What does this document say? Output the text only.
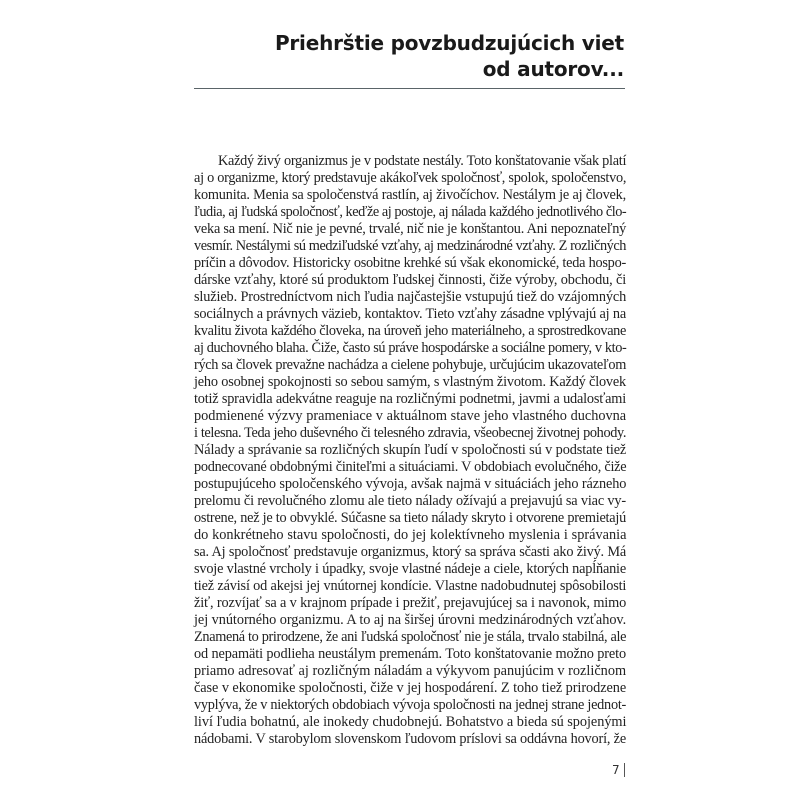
Priehrštie povzbudzujúcich viet
od autorov...
Každý živý organizmus je v podstate nestály. Toto konštatovanie však platí
aj o organizme, ktorý predstavuje akákoľvek spoločnosť, spolok, spoločenstvo,
komunita. Menia sa spoločenstvá rastlín, aj živočíchov. Nestálym je aj človek,
ľudia, aj ľudská spoločnosť, keďže aj postoje, aj nálada každého jednotlivého člo-
veka sa mení. Nič nie je pevné, trvalé, nič nie je konštantou. Ani nepoznateľný
vesmír. Nestálymi sú medziľudské vzťahy, aj medzinárodné vzťahy. Z rozličných
príčin a dôvodov. Historicky osobitne krehké sú však ekonomické, teda hospo-
dárske vzťahy, ktoré sú produktom ľudskej činnosti, čiže výroby, obchodu, či
služieb. Prostredníctvom nich ľudia najčastejšie vstupujú tiež do vzájomných
sociálnych a právnych väzieb, kontaktov. Tieto vzťahy zásadne vplývajú aj na
kvalitu života každého človeka, na úroveň jeho materiálneho, a sprostredkovane
aj duchovného blaha. Čiže, často sú práve hospodárske a sociálne pomery, v kto-
rých sa človek prevažne nachádza a cielene pohybuje, určujúcim ukazovateľom
jeho osobnej spokojnosti so sebou samým, s vlastným životom. Každý človek
totiž spravidla adekvátne reaguje na rozličnými podnetmi, javmi a udalosťami
podmienené výzvy prameniace v aktuálnom stave jeho vlastného duchovna
i telesna. Teda jeho duševného či telesného zdravia, všeobecnej životnej pohody.
Nálady a správanie sa rozličných skupín ľudí v spoločnosti sú v podstate tiež
podnecované obdobnými činiteľmi a situáciami. V obdobiach evolučného, čiže
postupujúceho spoločenského vývoja, avšak najmä v situáciách jeho rázneho
prelomu či revolučného zlomu ale tieto nálady ožívajú a prejavujú sa viac vy-
ostrene, než je to obvyklé. Súčasne sa tieto nálady skryto i otvorene premietajú
do konkrétneho stavu spoločnosti, do jej kolektívneho myslenia i správania
sa. Aj spoločnosť predstavuje organizmus, ktorý sa správa sčasti ako živý. Má
svoje vlastné vrcholy i úpadky, svoje vlastné nádeje a ciele, ktorých napĺňanie
tiež závisí od akejsi jej vnútornej kondície. Vlastne nadobudnutej spôsobilosti
žiť, rozvíjať sa a v krajnom prípade i prežiť, prejavujúcej sa i navonok, mimo
jej vnútorného organizmu. A to aj na širšej úrovni medzinárodných vzťahov.
Znamená to prirodzene, že ani ľudská spoločnosť nie je stála, trvalo stabilná, ale
od nepamäti podlieha neustálym premenám. Toto konštatovanie možno preto
priamo adresovať aj rozličným náladám a výkyvom panujúcim v rozličnom
čase v ekonomike spoločnosti, čiže v jej hospodárení. Z toho tiež prirodzene
vyplýva, že v niektorých obdobiach vývoja spoločnosti na jednej strane jednot-
liví ľudia bohatnú, ale inokedy chudobnejú. Bohatstvo a bieda sú spojenými
nádobami. V starobylom slovenskom ľudovom príslovi sa oddávna hovorí, že
7
